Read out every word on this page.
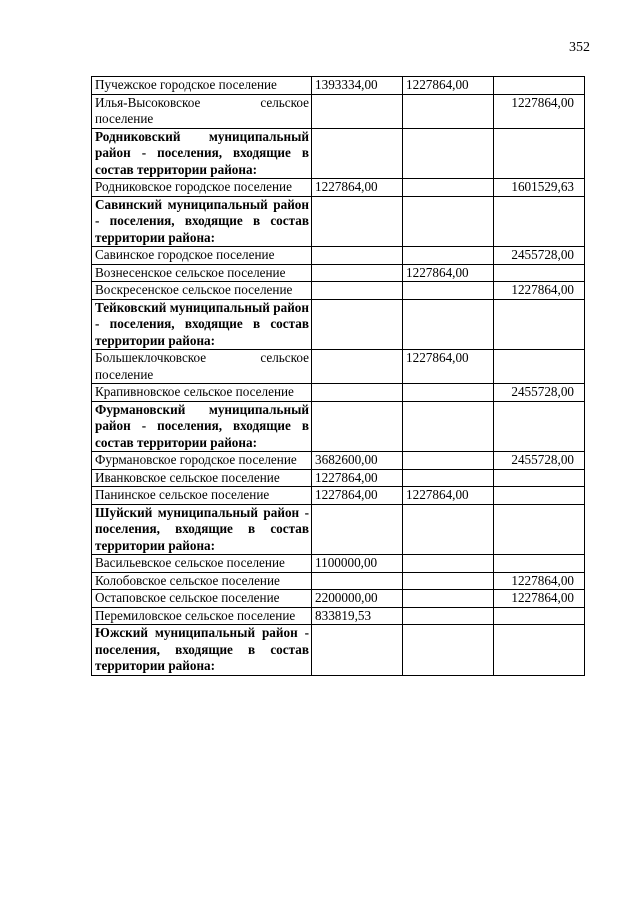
352
Пучежское городское поселение	1393334,00	1227864,00	
Илья-Высоковское сельское поселение			1227864,00
Родниковский муниципальный район - поселения, входящие в состав территории района:			
Родниковское городское поселение	1227864,00		1601529,63
Савинский муниципальный район - поселения, входящие в состав территории района:			
Савинское городское поселение			2455728,00
Вознесенское сельское поселение		1227864,00	
Воскресенское сельское поселение			1227864,00
Тейковский муниципальный район - поселения, входящие в состав территории района:			
Большеклочковское сельское поселение		1227864,00	
Крапивновское сельское поселение			2455728,00
Фурмановский муниципальный район - поселения, входящие в состав территории района:			
Фурмановское городское поселение	3682600,00		2455728,00
Иванковское сельское поселение	1227864,00		
Панинское сельское поселение	1227864,00	1227864,00	
Шуйский муниципальный район - поселения, входящие в состав территории района:			
Васильевское сельское поселение	1100000,00		
Колобовское сельское поселение			1227864,00
Остаповское сельское поселение	2200000,00		1227864,00
Перемиловское сельское поселение	833819,53		
Южский муниципальный район - поселения, входящие в состав территории района:			
